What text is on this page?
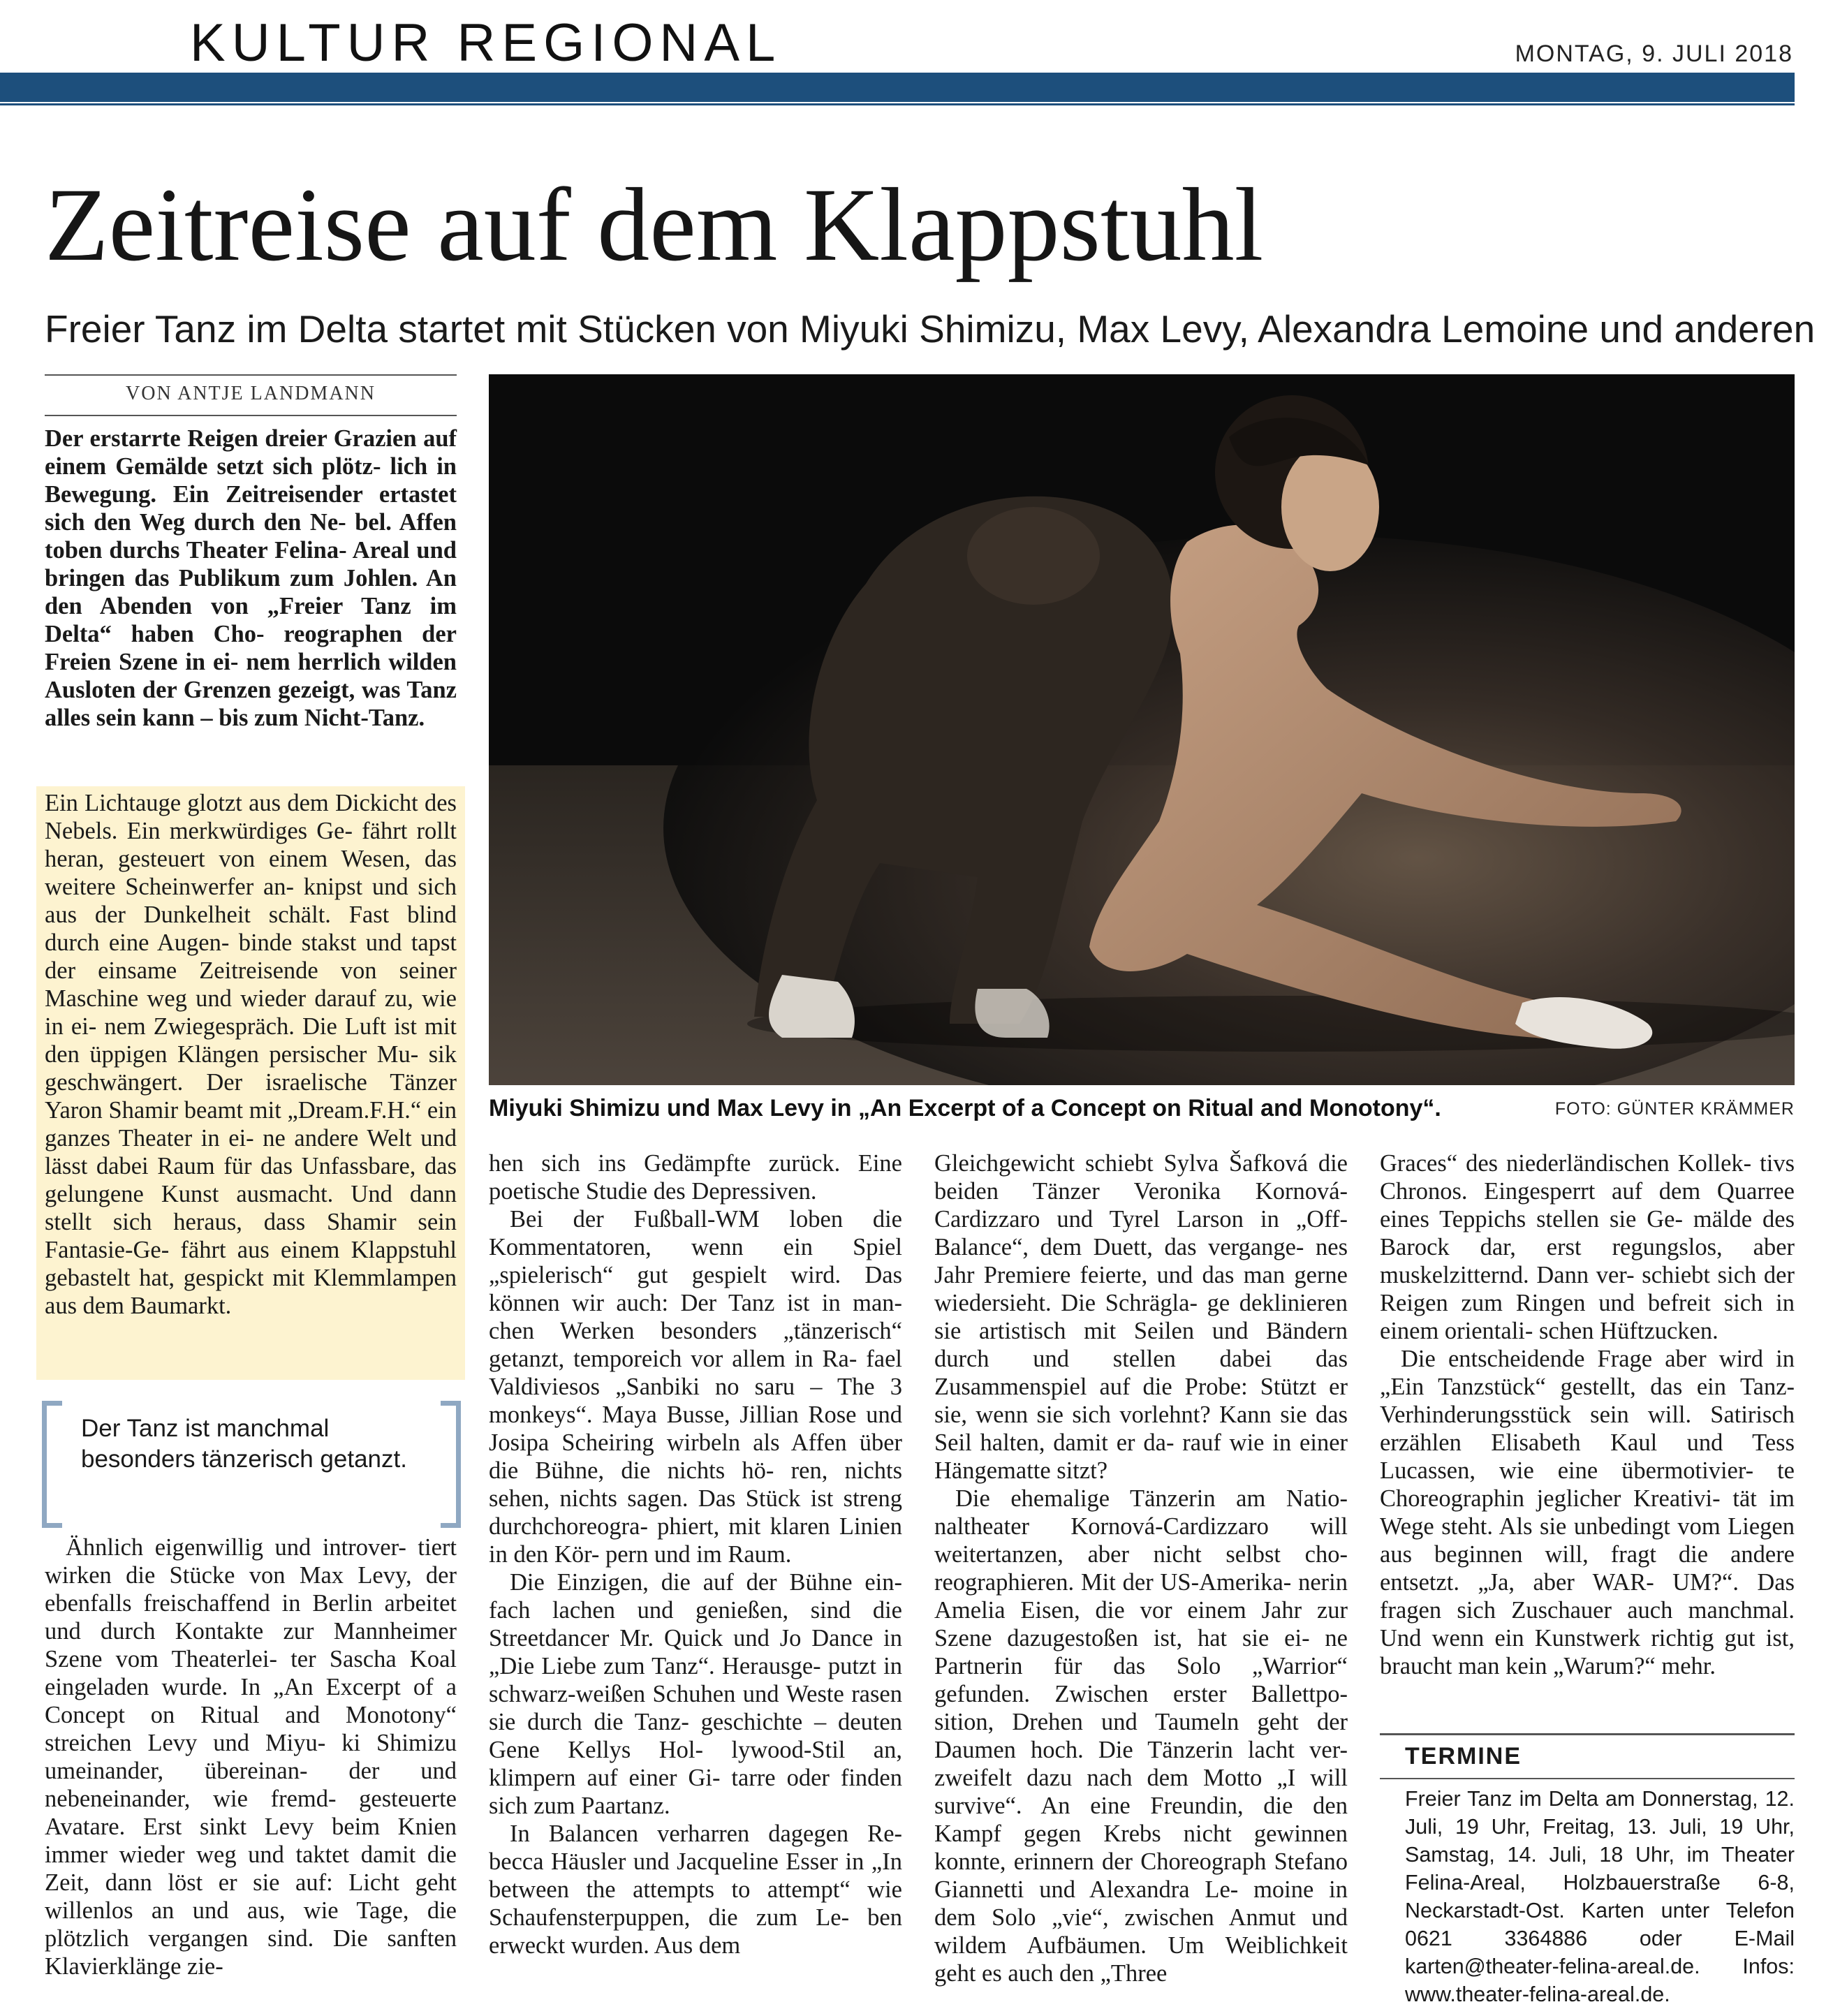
KULTUR REGIONAL	MONTAG, 9. JULI 2018
Zeitreise auf dem Klappstuhl
Freier Tanz im Delta startet mit Stücken von Miyuki Shimizu, Max Levy, Alexandra Lemoine und anderen
VON ANTJE LANDMANN
Der erstarrte Reigen dreier Grazien auf einem Gemälde setzt sich plötz- lich in Bewegung. Ein Zeitreisender ertastet sich den Weg durch den Ne- bel. Affen toben durchs Theater Felina- Areal und bringen das Publikum zum Johlen. An den Abenden von „Freier Tanz im Delta“ haben Cho- reographen der Freien Szene in ei- nem herrlich wilden Ausloten der Grenzen gezeigt, was Tanz alles sein kann – bis zum Nicht-Tanz.

Ein Lichtauge glotzt aus dem Dickicht des Nebels. Ein merkwürdiges Ge- fährt rollt heran, gesteuert von einem Wesen, das weitere Scheinwerfer an- knipst und sich aus der Dunkelheit schält. Fast blind durch eine Augen- binde stakst und tapst der einsame Zeitreisende von seiner Maschine weg und wieder darauf zu, wie in ei- nem Zwiegespräch. Die Luft ist mit den üppigen Klängen persischer Mu- sik geschwängert. Der israelische Tänzer Yaron Shamir beamt mit „Dream.F.H.“ ein ganzes Theater in ei- ne andere Welt und lässt dabei Raum für das Unfassbare, das gelungene Kunst ausmacht. Und dann stellt sich heraus, dass Shamir sein Fantasie-Ge- fährt aus einem Klappstuhl gebastelt hat, gespickt mit Klemmlampen aus dem Baumarkt.

Der Tanz ist manchmal besonders tänzerisch getanzt.

Ähnlich eigenwillig und introver- tiert wirken die Stücke von Max Levy, der ebenfalls freischaffend in Berlin arbeitet und durch Kontakte zur Mannheimer Szene vom Theaterlei- ter Sascha Koal eingeladen wurde. In „An Excerpt of a Concept on Ritual and Monotony“ streichen Levy und Miyu- ki Shimizu umeinander, übereinan- der und nebeneinander, wie fremd- gesteuerte Avatare. Erst sinkt Levy beim Knien immer wieder weg und taktet damit die Zeit, dann löst er sie auf: Licht geht willenlos an und aus, wie Tage, die plötzlich vergangen sind. Die sanften Klavierklänge zie-

Miyuki Shimizu und Max Levy in „An Excerpt of a Concept on Ritual and Monotony“.	FOTO: GÜNTER KRÄMMER

hen sich ins Gedämpfte zurück. Eine poetische Studie des Depressiven.

Bei der Fußball-WM loben die Kommentatoren, wenn ein Spiel „spielerisch“ gut gespielt wird. Das können wir auch: Der Tanz ist in man- chen Werken besonders „tänzerisch“ getanzt, temporeich vor allem in Ra- fael Valdiviesos „Sanbiki no saru – The 3 monkeys“. Maya Busse, Jillian Rose und Josipa Scheiring wirbeln als Affen über die Bühne, die nichts hö- ren, nichts sehen, nichts sagen. Das Stück ist streng durchchoreogra- phiert, mit klaren Linien in den Kör- pern und im Raum.

Die Einzigen, die auf der Bühne ein- fach lachen und genießen, sind die Streetdancer Mr. Quick und Jo Dance in „Die Liebe zum Tanz“. Herausge- putzt in schwarz-weißen Schuhen und Weste rasen sie durch die Tanz- geschichte – deuten Gene Kellys Hol- lywood-Stil an, klimpern auf einer Gi- tarre oder finden sich zum Paartanz.

In Balancen verharren dagegen Re- becca Häusler und Jacqueline Esser in „In between the attempts to attempt“ wie Schaufensterpuppen, die zum Le- ben erweckt wurden. Aus dem

Gleichgewicht schiebt Sylva Šafková die beiden Tänzer Veronika Kornová- Cardizzaro und Tyrel Larson in „Off- Balance“, dem Duett, das vergange- nes Jahr Premiere feierte, und das man gerne wiedersieht. Die Schrägla- ge deklinieren sie artistisch mit Seilen und Bändern durch und stellen dabei das Zusammenspiel auf die Probe: Stützt er sie, wenn sie sich vorlehnt? Kann sie das Seil halten, damit er da- rauf wie in einer Hängematte sitzt?

Die ehemalige Tänzerin am Natio- naltheater Kornová-Cardizzaro will weitertanzen, aber nicht selbst cho- reographieren. Mit der US-Amerika- nerin Amelia Eisen, die vor einem Jahr zur Szene dazugestoßen ist, hat sie ei- ne Partnerin für das Solo „Warrior“ gefunden. Zwischen erster Ballettpo- sition, Drehen und Taumeln geht der Daumen hoch. Die Tänzerin lacht ver- zweifelt dazu nach dem Motto „I will survive“. An eine Freundin, die den Kampf gegen Krebs nicht gewinnen konnte, erinnern der Choreograph Stefano Giannetti und Alexandra Le- moine in dem Solo „vie“, zwischen Anmut und wildem Aufbäumen. Um Weiblichkeit geht es auch den „Three

Graces“ des niederländischen Kollek- tivs Chronos. Eingesperrt auf dem Quarree eines Teppichs stellen sie Ge- mälde des Barock dar, erst regungslos, aber muskelzitternd. Dann ver- schiebt sich der Reigen zum Ringen und befreit sich in einem orientali- schen Hüftzucken.

Die entscheidende Frage aber wird in „Ein Tanzstück“ gestellt, das ein Tanz-Verhinderungsstück sein will. Satirisch erzählen Elisabeth Kaul und Tess Lucassen, wie eine übermotivier- te Choreographin jeglicher Kreativi- tät im Wege steht. Als sie unbedingt vom Liegen aus beginnen will, fragt die andere entsetzt. „Ja, aber WAR- UM?“. Das fragen sich Zuschauer auch manchmal. Und wenn ein Kunstwerk richtig gut ist, braucht man kein „Warum?“ mehr.

TERMINE
Freier Tanz im Delta am Donnerstag, 12. Juli, 19 Uhr, Freitag, 13. Juli, 19 Uhr, Samstag, 14. Juli, 18 Uhr, im Theater Felina-Areal, Holzbauerstraße 6-8, Neckarstadt-Ost. Karten unter Telefon 0621 3364886 oder E-Mail karten@theater-felina-areal.de. Infos: www.theater-felina-areal.de.
